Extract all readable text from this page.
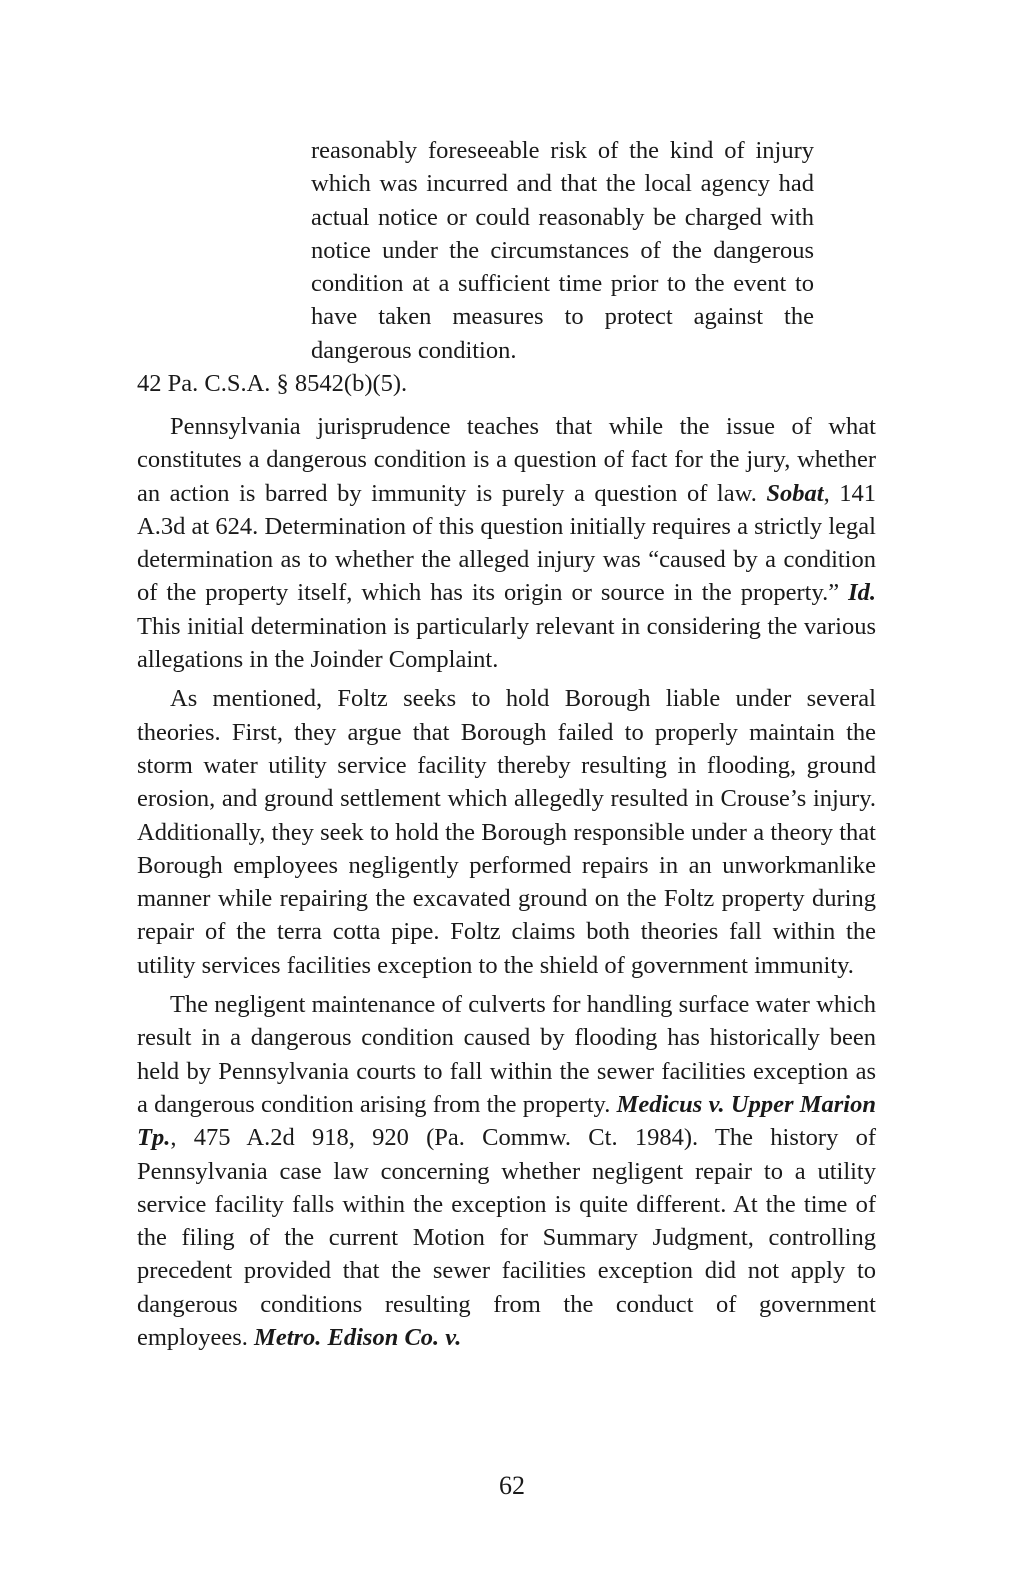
reasonably foreseeable risk of the kind of injury which was incurred and that the local agency had actual notice or could reasonably be charged with notice under the circumstances of the dangerous condition at a sufficient time prior to the event to have taken measures to protect against the dangerous condition.
42 Pa. C.S.A. § 8542(b)(5).

Pennsylvania jurisprudence teaches that while the issue of what constitutes a dangerous condition is a question of fact for the jury, whether an action is barred by immunity is purely a question of law. Sobat, 141 A.3d at 624. Determination of this question initially requires a strictly legal determination as to whether the alleged injury was “caused by a condition of the property itself, which has its origin or source in the property.” Id. This initial determination is particularly relevant in considering the various allegations in the Joinder Complaint.

As mentioned, Foltz seeks to hold Borough liable under several theories. First, they argue that Borough failed to properly maintain the storm water utility service facility thereby resulting in flooding, ground erosion, and ground settlement which allegedly resulted in Crouse’s injury. Additionally, they seek to hold the Borough responsible under a theory that Borough employees negligently performed repairs in an unworkmanlike manner while repairing the excavated ground on the Foltz property during repair of the terra cotta pipe. Foltz claims both theories fall within the utility services facilities exception to the shield of government immunity.

The negligent maintenance of culverts for handling surface water which result in a dangerous condition caused by flooding has historically been held by Pennsylvania courts to fall within the sewer facilities exception as a dangerous condition arising from the property. Medicus v. Upper Marion Tp., 475 A.2d 918, 920 (Pa. Commw. Ct. 1984). The history of Pennsylvania case law concerning whether negligent repair to a utility service facility falls within the exception is quite different. At the time of the filing of the current Motion for Summary Judgment, controlling precedent provided that the sewer facilities exception did not apply to dangerous conditions resulting from the conduct of government employees. Metro. Edison Co. v.

62
